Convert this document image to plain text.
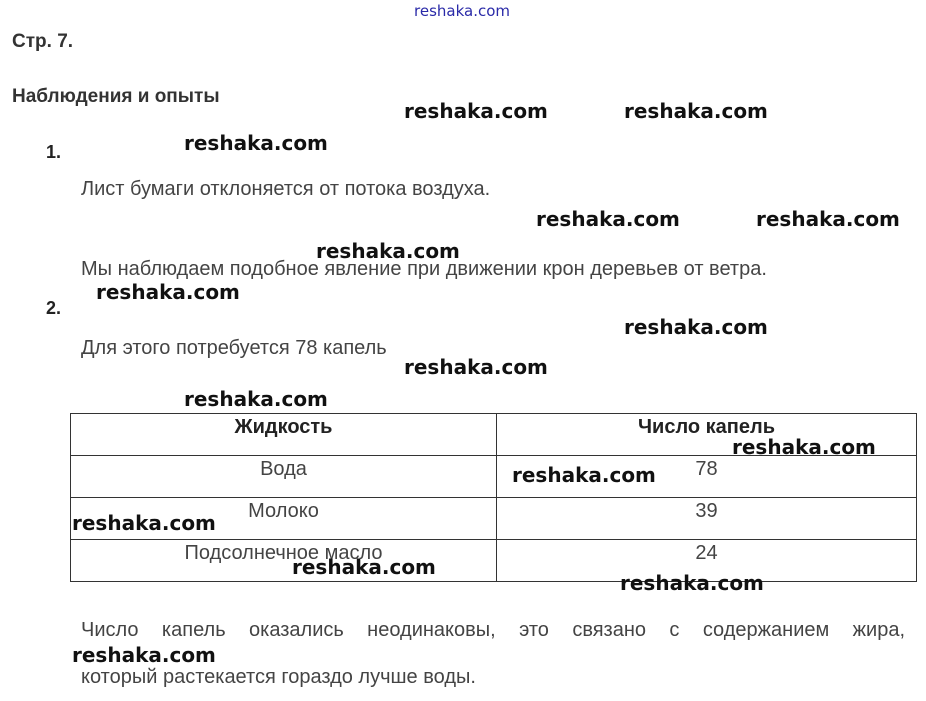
reshaka.com
Стр. 7.
Наблюдения и опыты
1.
Лист бумаги отклоняется от потока воздуха.
Мы наблюдаем подобное явление при движении крон деревьев от ветра.
2.
Для этого потребуется 78 капель
Жидкость	Число капель
Вода	78
Молоко	39
Подсолнечное масло	24
Число капель оказались неодинаковы, это связано с содержанием жира,
который растекается гораздо лучше воды.
reshaka.com	reshaka.com
reshaka.com
reshaka.com	reshaka.com
reshaka.com
reshaka.com
reshaka.com
reshaka.com
reshaka.com
reshaka.com
reshaka.com
reshaka.com
reshaka.com
reshaka.com
reshaka.com
